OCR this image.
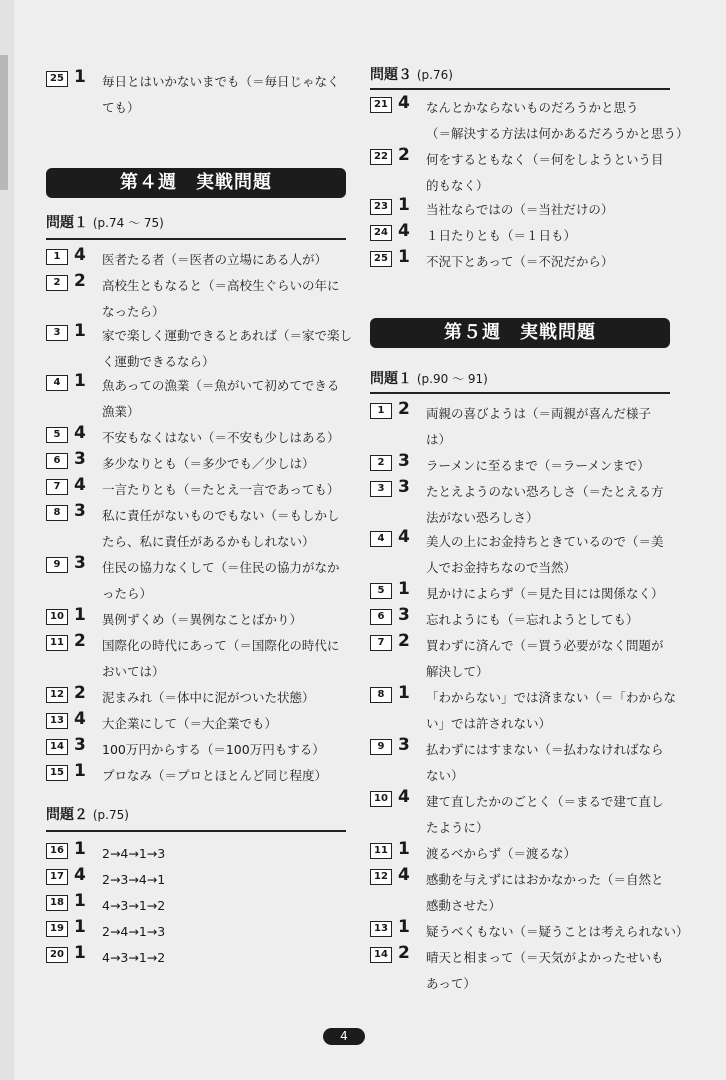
25 1 毎日とはいかないまでも（＝毎日じゃなく
ても）
第４週　実戦問題
問題１ (p.74 ～ 75)
1 4 医者たる者（＝医者の立場にある人が）
2 2 高校生ともなると（＝高校生ぐらいの年に
なったら）
3 1 家で楽しく運動できるとあれば（＝家で楽し
く運動できるなら）
4 1 魚あっての漁業（＝魚がいて初めてできる
漁業）
5 4 不安もなくはない（＝不安も少しはある）
6 3 多少なりとも（＝多少でも／少しは）
7 4 一言たりとも（＝たとえ一言であっても）
8 3 私に責任がないものでもない（＝もしかし
たら、私に責任があるかもしれない）
9 3 住民の協力なくして（＝住民の協力がなか
ったら）
10 1 異例ずくめ（＝異例なことばかり）
11 2 国際化の時代にあって（＝国際化の時代に
おいては）
12 2 泥まみれ（＝体中に泥がついた状態）
13 4 大企業にして（＝大企業でも）
14 3 100万円からする（＝100万円もする）
15 1 プロなみ（＝プロとほとんど同じ程度）
問題２ (p.75)
16 1 2→4→1→3
17 4 2→3→4→1
18 1 4→3→1→2
19 1 2→4→1→3
20 1 4→3→1→2
問題３ (p.76)
21 4 なんとかならないものだろうかと思う
（＝解決する方法は何かあるだろうかと思う）
22 2 何をするともなく（＝何をしようという目
的もなく）
23 1 当社ならではの（＝当社だけの）
24 4 １日たりとも（＝１日も）
25 1 不況下とあって（＝不況だから）
第５週　実戦問題
問題１ (p.90 ～ 91)
1 2 両親の喜びようは（＝両親が喜んだ様子
は）
2 3 ラーメンに至るまで（＝ラーメンまで）
3 3 たとえようのない恐ろしさ（＝たとえる方
法がない恐ろしさ）
4 4 美人の上にお金持ちときているので（＝美
人でお金持ちなので当然）
5 1 見かけによらず（＝見た目には関係なく）
6 3 忘れようにも（＝忘れようとしても）
7 2 買わずに済んで（＝買う必要がなく問題が
解決して）
8 1 「わからない」では済まない（＝「わからな
い」では許されない）
9 3 払わずにはすまない（＝払わなければなら
ない）
10 4 建て直したかのごとく（＝まるで建て直し
たように）
11 1 渡るべからず（＝渡るな）
12 4 感動を与えずにはおかなかった（＝自然と
感動させた）
13 1 疑うべくもない（＝疑うことは考えられない）
14 2 晴天と相まって（＝天気がよかったせいも
あって）
4
